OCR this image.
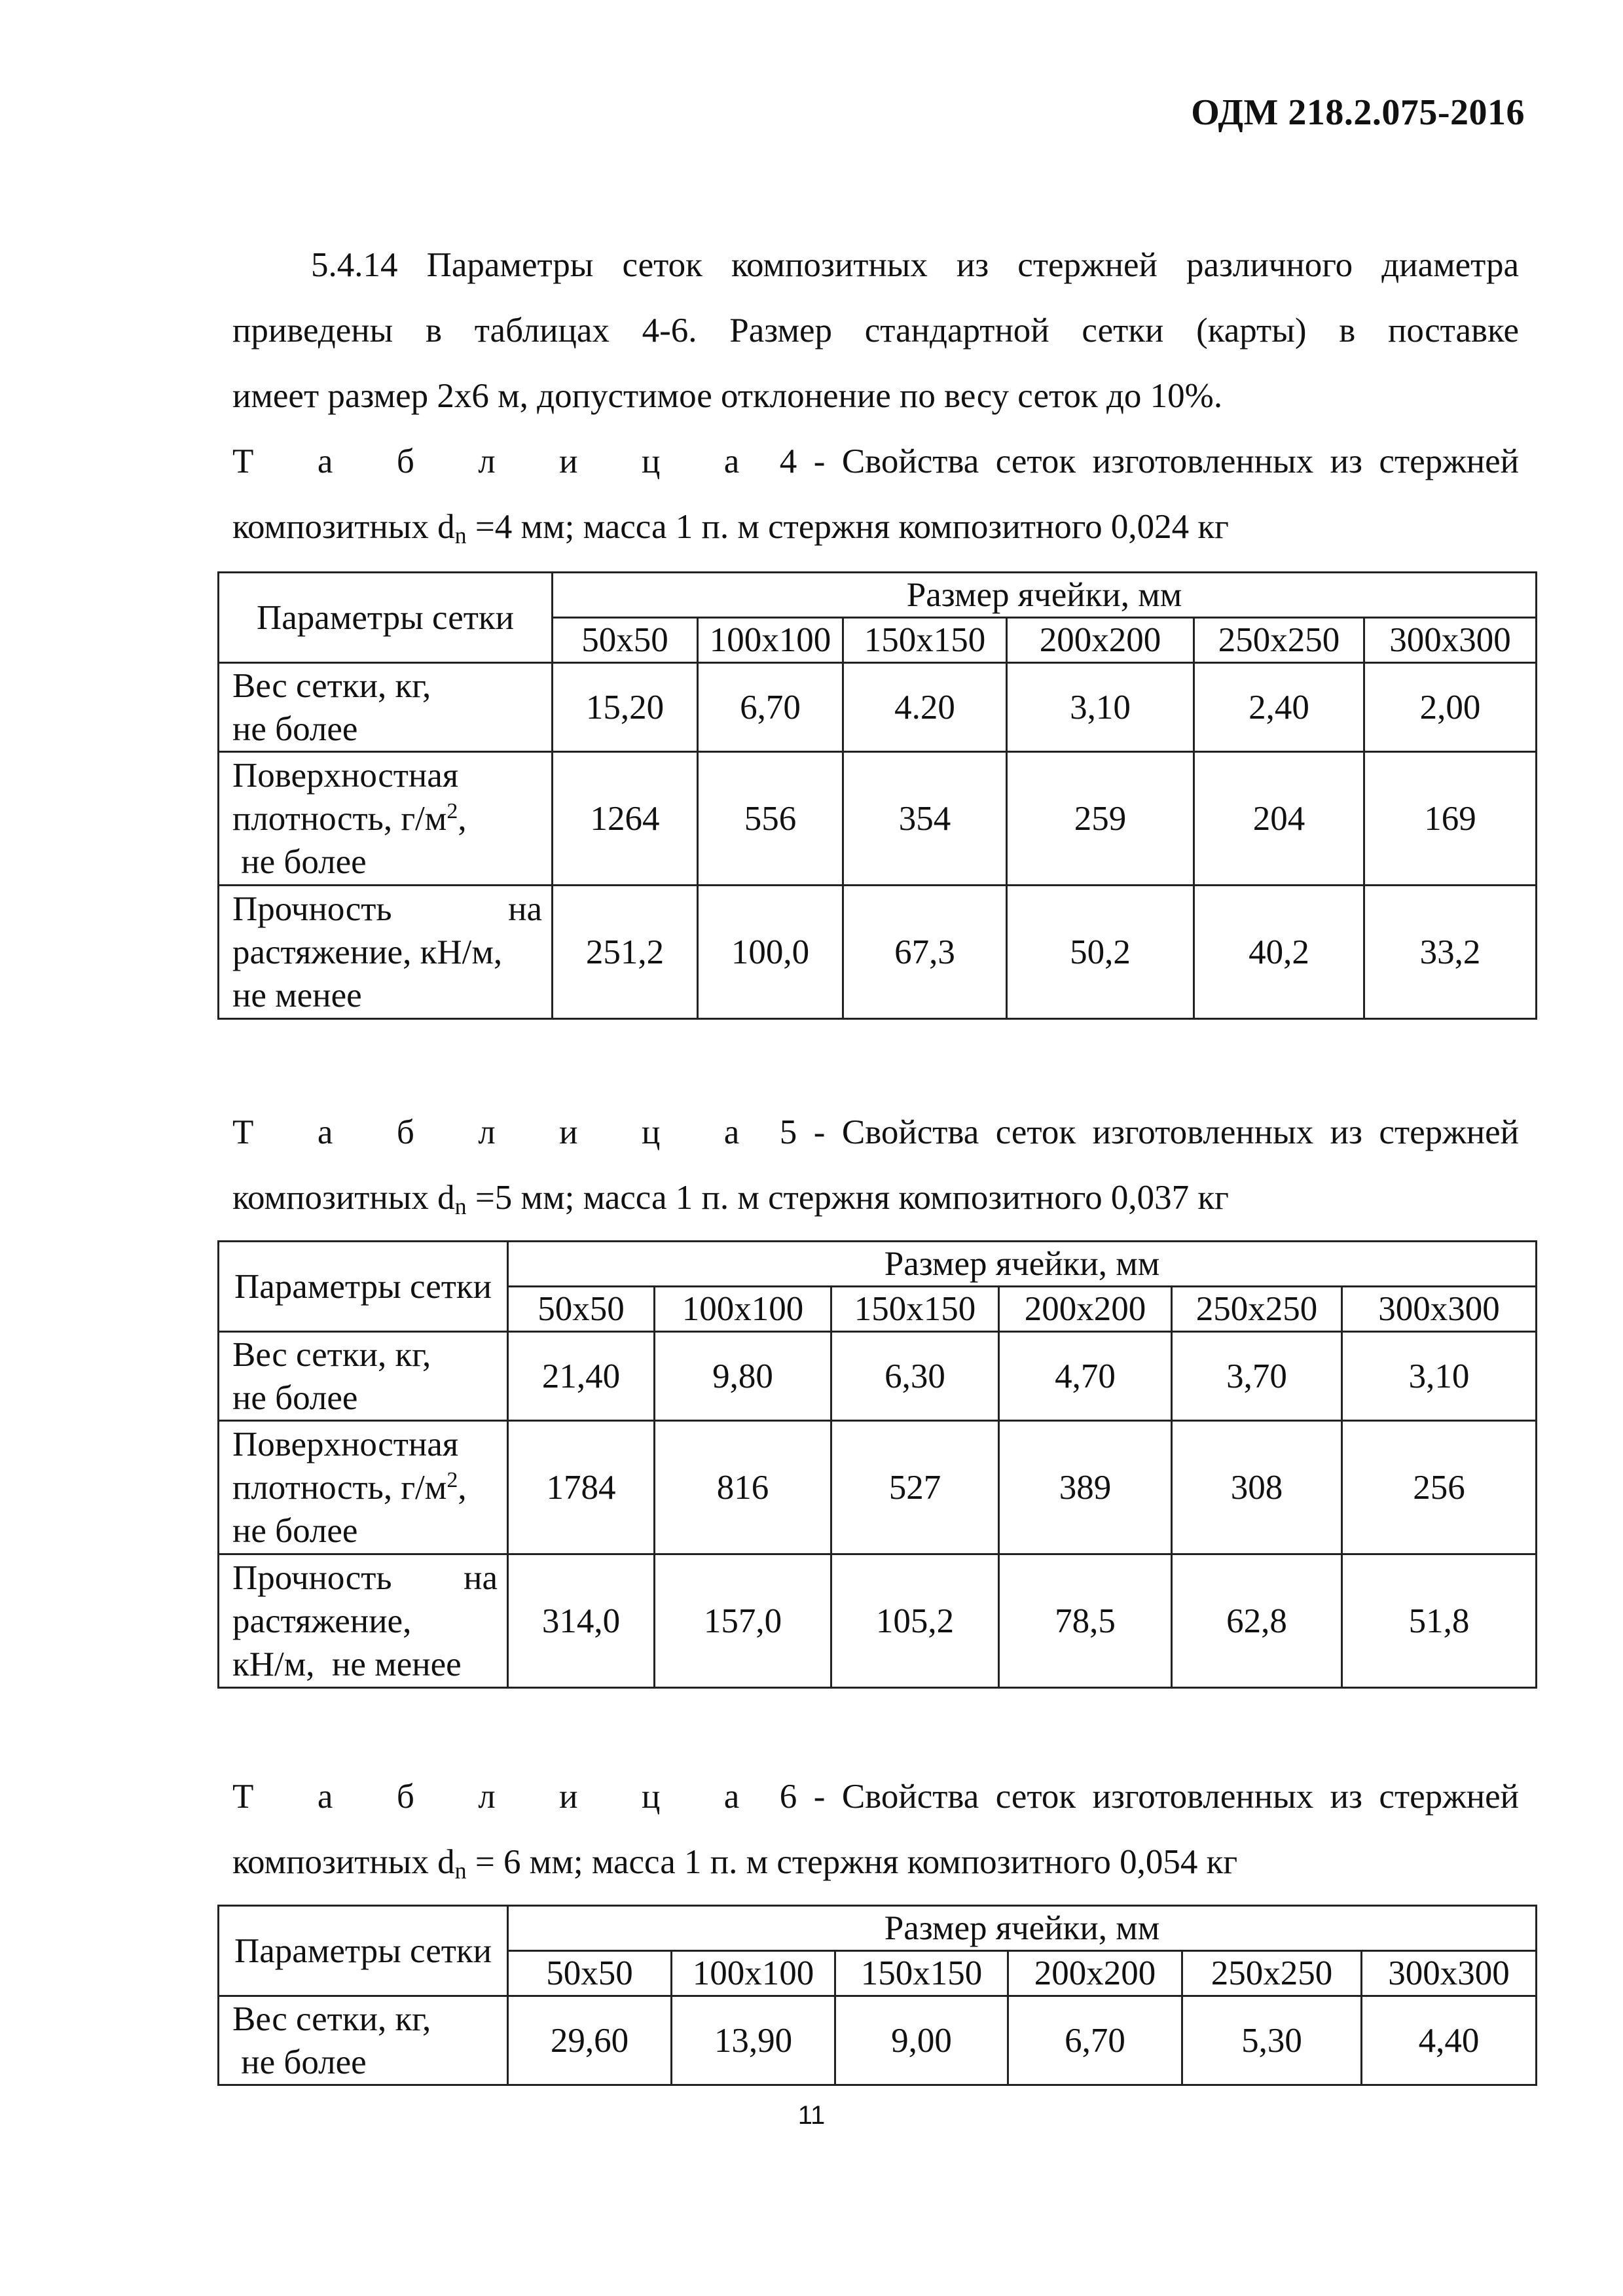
ОДМ 218.2.075-2016
5.4.14 Параметры сеток композитных из стержней различного диаметра
приведены в таблицах 4-6. Размер стандартной сетки (карты) в поставке
имеет размер 2х6 м, допустимое отклонение по весу сеток до 10%.
Т а б л и ц а 4 - Свойства сеток изготовленных из стержней
композитных $d_n =4$ мм; масса 1 п. м стержня композитного 0,024 кг
Параметры сетки	Размер ячейки, мм					
	50х50	100х100	150х150	200х200	250х250	300х300

Вес сетки, кг,
не более	15,20	6,70	4.20	3,10	2,40	2,00

Поверхностная
плотность, $г/м^2$,
не более	1264	556	354	259	204	169

Прочность на
растяжение, кН/м,
не менее	251,2	100,0	67,3	50,2	40,2	33,2
Т а б л и ц а 5 - Свойства сеток изготовленных из стержней
композитных $d_n =5$ мм; масса 1 п. м стержня композитного 0,037 кг
Параметры сетки	Размер ячейки, мм					
	50х50	100х100	150х150	200х200	250х250	300х300

Вес сетки, кг,
не более	21,40	9,80	6,30	4,70	3,70	3,10

Поверхностная
плотность, $г/м^2$,
не более	1784	816	527	389	308	256

Прочность на
растяжение,
кН/м,  не менее	314,0	157,0	105,2	78,5	62,8	51,8
Т а б л и ц а 6 - Свойства сеток изготовленных из стержней
композитных $d_n = 6$ мм; масса 1 п. м стержня композитного 0,054 кг
Параметры сетки	Размер ячейки, мм					
	50х50	100х100	150х150	200х200	250х250	300х300

Вес сетки, кг,
не более	29,60	13,90	9,00	6,70	5,30	4,40
11
